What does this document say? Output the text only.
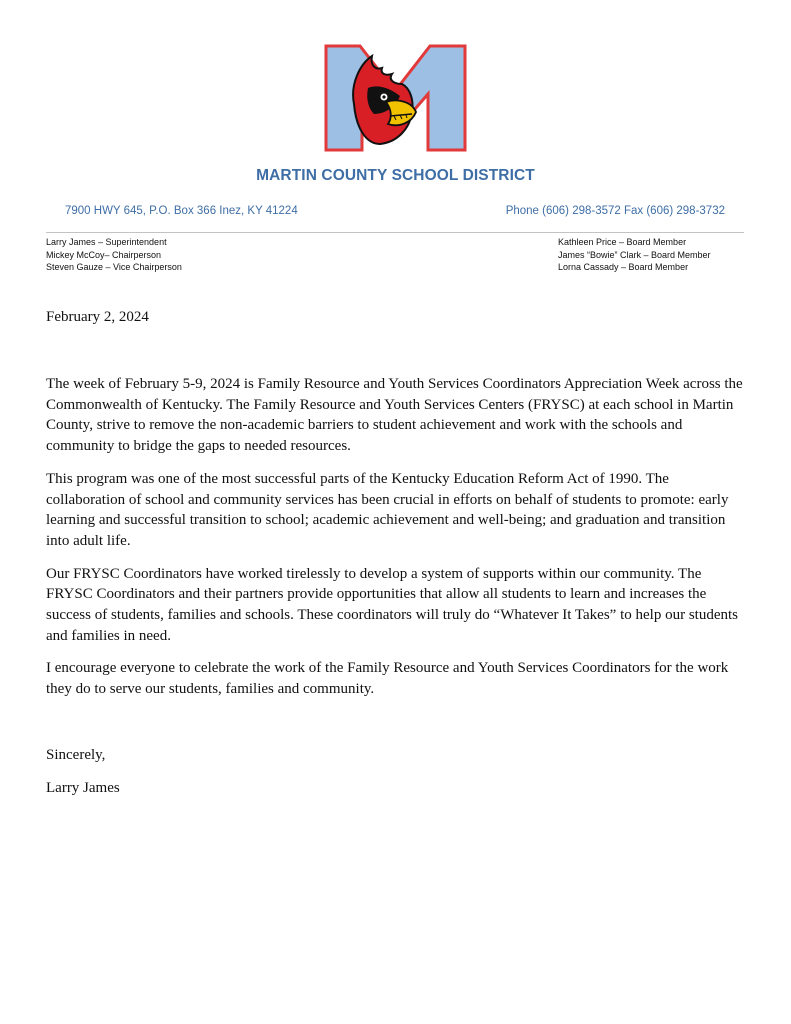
MARTIN COUNTY SCHOOL DISTRICT
7900 HWY 645, P.O. Box 366 Inez, KY 41224	Phone (606) 298-3572 Fax (606) 298-3732
Larry James – Superintendent
Mickey McCoy– Chairperson
Steven Gauze – Vice Chairperson
Kathleen Price – Board Member
James “Bowie” Clark – Board Member
Lorna Cassady – Board Member
February 2, 2024

The week of February 5-9, 2024 is Family Resource and Youth Services Coordinators Appreciation Week across the Commonwealth of Kentucky. The Family Resource and Youth Services Centers (FRYSC) at each school in Martin County, strive to remove the non-academic barriers to student achievement and work with the schools and community to bridge the gaps to needed resources.

This program was one of the most successful parts of the Kentucky Education Reform Act of 1990. The collaboration of school and community services has been crucial in efforts on behalf of students to promote: early learning and successful transition to school; academic achievement and well-being; and graduation and transition into adult life.

Our FRYSC Coordinators have worked tirelessly to develop a system of supports within our community. The FRYSC Coordinators and their partners provide opportunities that allow all students to learn and increases the success of students, families and schools. These coordinators will truly do “Whatever It Takes” to help our students and families in need.

I encourage everyone to celebrate the work of the Family Resource and Youth Services Coordinators for the work they do to serve our students, families and community.

Sincerely,
Larry James
